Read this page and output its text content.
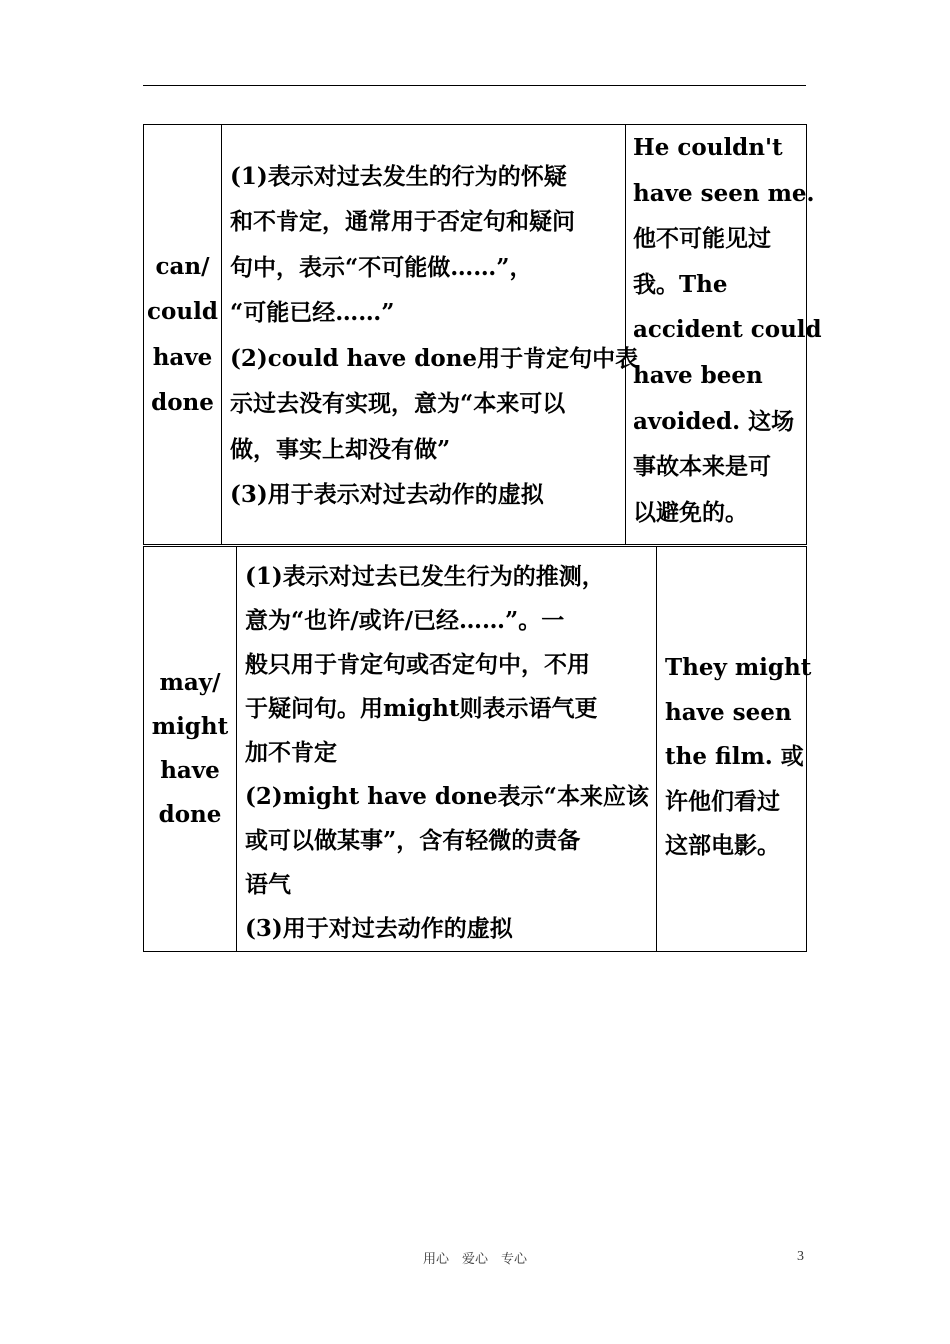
can/
could
have
done

(1)表示对过去发生的行为的怀疑
和不肯定，通常用于否定句和疑问
句中，表示“不可能做……”，
“可能已经……”
(2)could have done用于肯定句中表
示过去没有实现，意为“本来可以
做，事实上却没有做”
(3)用于表示对过去动作的虚拟

He couldn't
have seen me.
他不可能见过
我。The
accident could
have been
avoided. 这场
事故本来是可
以避免的。
may/
might
have
done

(1)表示对过去已发生行为的推测，
意为“也许/或许/已经……”。一
般只用于肯定句或否定句中，不用
于疑问句。用might则表示语气更
加不肯定
(2)might have done表示“本来应该
或可以做某事”，含有轻微的责备
语气
(3)用于对过去动作的虚拟

They might
have seen
the film. 或
许他们看过
这部电影。
用心　爱心　专心	3
